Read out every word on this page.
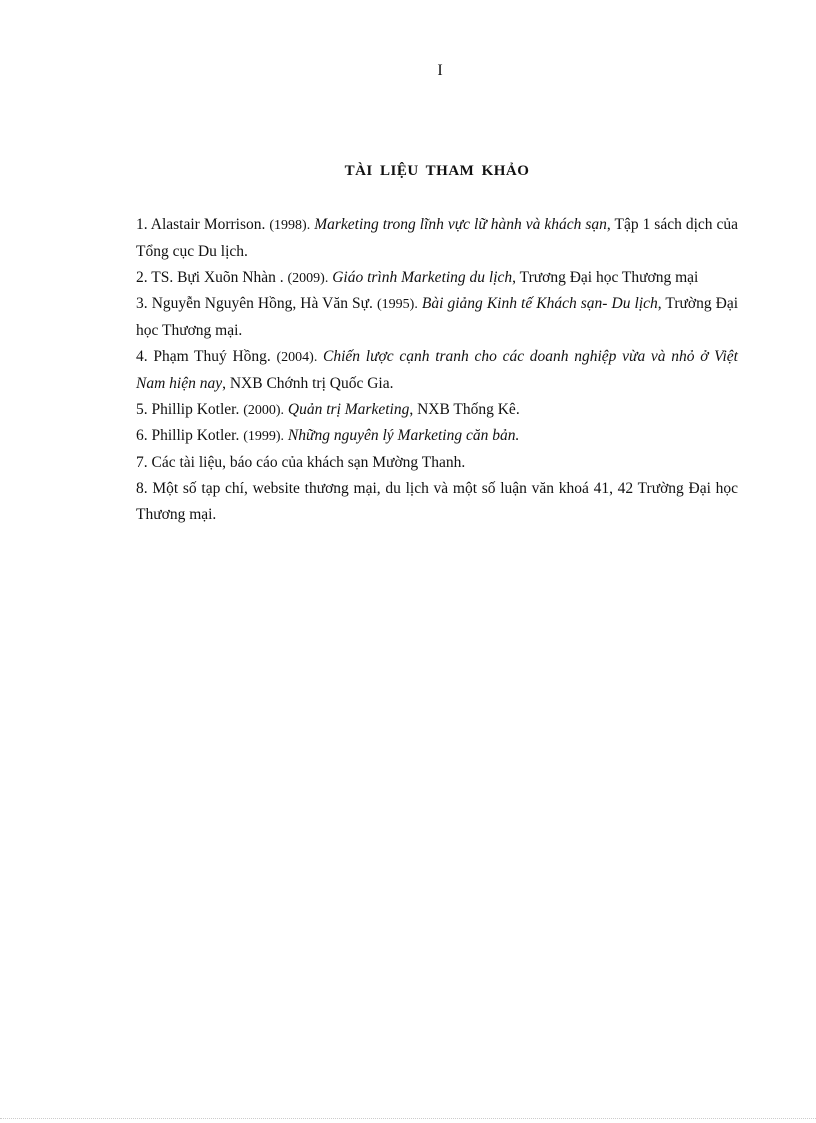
I
TÀI LIỆU THAM KHẢO
1. Alastair Morrison. (1998). Marketing trong lĩnh vực lữ hành và khách sạn, Tập 1 sách dịch của Tổng cục Du lịch.
2. TS. Bựi Xuõn Nhàn . (2009). Giáo trình Marketing du lịch, Trương Đại học Thương mại
3. Nguyễn Nguyên Hồng, Hà Văn Sự. (1995). Bài giảng Kinh tế Khách sạn- Du lịch, Trường Đại học Thương mại.
4. Phạm Thuý Hồng. (2004). Chiến lược cạnh tranh cho các doanh nghiệp vừa và nhỏ ở Việt Nam hiện nay, NXB Chớnh trị Quốc Gia.
5. Phillip Kotler. (2000). Quản trị Marketing, NXB Thống Kê.
6. Phillip Kotler. (1999). Những nguyên lý Marketing căn bản.
7. Các tài liệu, báo cáo của khách sạn Mường Thanh.
8. Một số tạp chí, website thương mại, du lịch và một số luận văn khoá 41, 42 Trường Đại học Thương mại.
